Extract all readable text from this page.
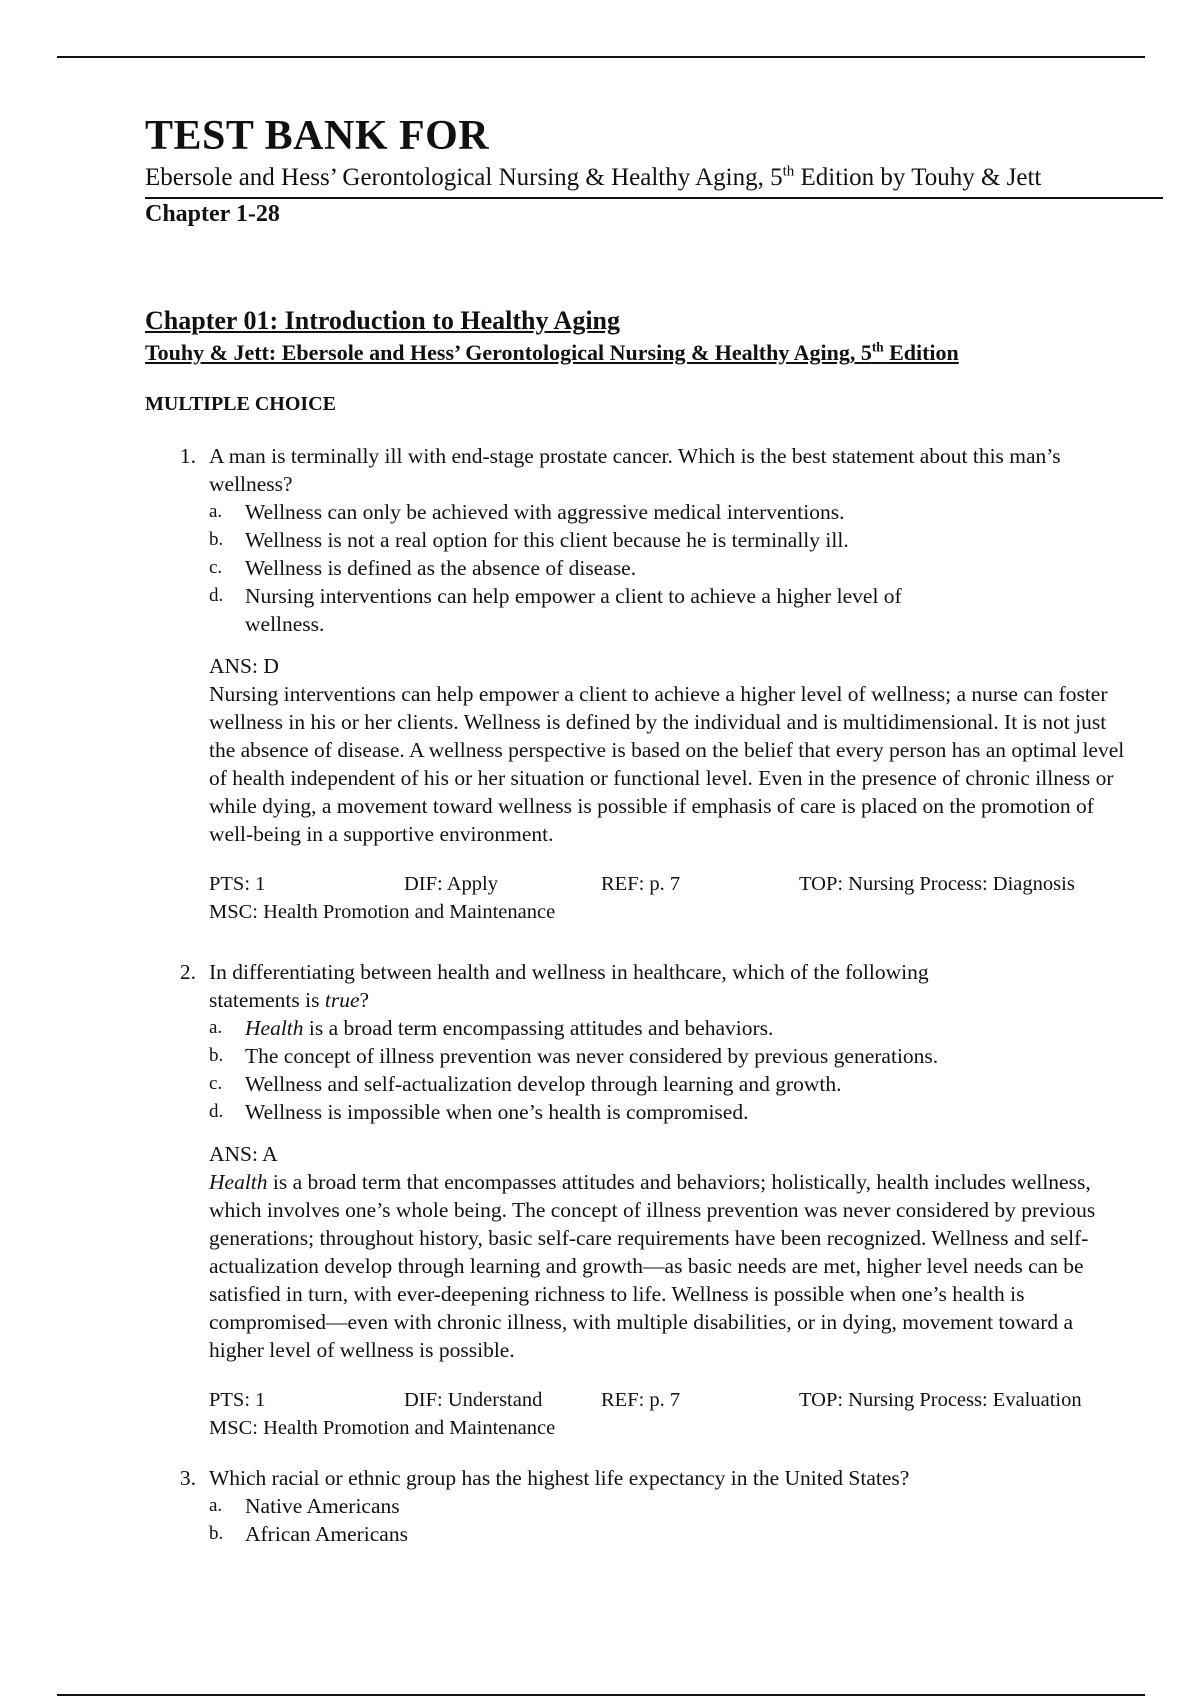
TEST BANK FOR
Ebersole and Hess’ Gerontological Nursing & Healthy Aging, 5th Edition by Touhy & Jett
Chapter 1-28
Chapter 01: Introduction to Healthy Aging
Touhy & Jett: Ebersole and Hess’ Gerontological Nursing & Healthy Aging, 5th Edition
MULTIPLE CHOICE
1. A man is terminally ill with end-stage prostate cancer. Which is the best statement about this man’s wellness?
a. Wellness can only be achieved with aggressive medical interventions.
b. Wellness is not a real option for this client because he is terminally ill.
c. Wellness is defined as the absence of disease.
d. Nursing interventions can help empower a client to achieve a higher level of wellness.
ANS: D
Nursing interventions can help empower a client to achieve a higher level of wellness; a nurse can foster wellness in his or her clients. Wellness is defined by the individual and is multidimensional. It is not just the absence of disease. A wellness perspective is based on the belief that every person has an optimal level of health independent of his or her situation or functional level. Even in the presence of chronic illness or while dying, a movement toward wellness is possible if emphasis of care is placed on the promotion of well-being in a supportive environment.
PTS: 1	DIF: Apply	REF: p. 7	TOP: Nursing Process: Diagnosis
MSC: Health Promotion and Maintenance
2. In differentiating between health and wellness in healthcare, which of the following statements is true?
a. Health is a broad term encompassing attitudes and behaviors.
b. The concept of illness prevention was never considered by previous generations.
c. Wellness and self-actualization develop through learning and growth.
d. Wellness is impossible when one’s health is compromised.
ANS: A
Health is a broad term that encompasses attitudes and behaviors; holistically, health includes wellness, which involves one’s whole being. The concept of illness prevention was never considered by previous generations; throughout history, basic self-care requirements have been recognized. Wellness and self-actualization develop through learning and growth—as basic needs are met, higher level needs can be satisfied in turn, with ever-deepening richness to life. Wellness is possible when one’s health is compromised—even with chronic illness, with multiple disabilities, or in dying, movement toward a higher level of wellness is possible.
PTS: 1	DIF: Understand	REF: p. 7	TOP: Nursing Process: Evaluation
MSC: Health Promotion and Maintenance
3. Which racial or ethnic group has the highest life expectancy in the United States?
a. Native Americans
b. African Americans
